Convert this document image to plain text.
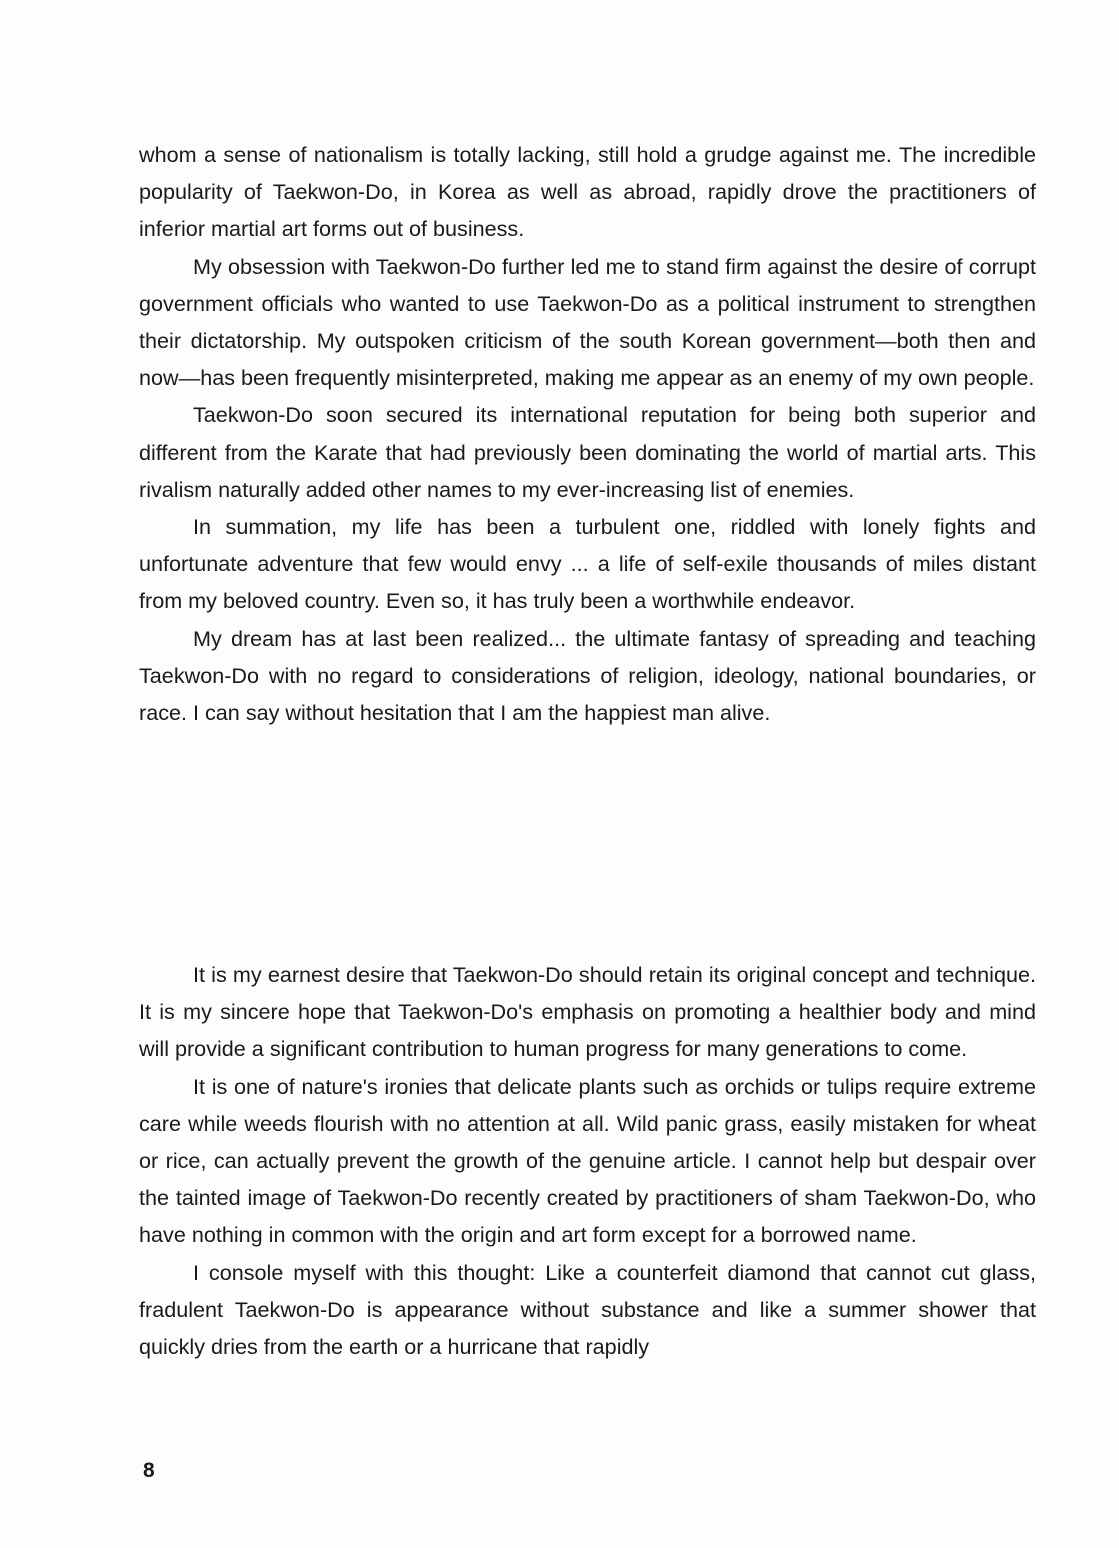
whom a sense of nationalism is totally lacking, still hold a grudge against me. The incredible popularity of Taekwon-Do, in Korea as well as abroad, rapidly drove the practitioners of inferior martial art forms out of business.

My obsession with Taekwon-Do further led me to stand firm against the desire of corrupt government officials who wanted to use Taekwon-Do as a political instrument to strengthen their dictatorship. My outspoken criticism of the south Korean government—both then and now—has been frequently misinterpreted, making me appear as an enemy of my own people.

Taekwon-Do soon secured its international reputation for being both superior and different from the Karate that had previously been dominating the world of martial arts. This rivalism naturally added other names to my ever-increasing list of enemies.

In summation, my life has been a turbulent one, riddled with lonely fights and unfortunate adventure that few would envy ... a life of self-exile thousands of miles distant from my beloved country. Even so, it has truly been a worthwhile endeavor.

My dream has at last been realized... the ultimate fantasy of spreading and teaching Taekwon-Do with no regard to considerations of religion, ideology, national boundaries, or race. I can say without hesitation that I am the happiest man alive.

It is my earnest desire that Taekwon-Do should retain its original concept and technique. It is my sincere hope that Taekwon-Do's emphasis on promoting a healthier body and mind will provide a significant contribution to human progress for many generations to come.

It is one of nature's ironies that delicate plants such as orchids or tulips require extreme care while weeds flourish with no attention at all. Wild panic grass, easily mistaken for wheat or rice, can actually prevent the growth of the genuine article. I cannot help but despair over the tainted image of Taekwon-Do recently created by practitioners of sham Taekwon-Do, who have nothing in common with the origin and art form except for a borrowed name.

I console myself with this thought: Like a counterfeit diamond that cannot cut glass, fradulent Taekwon-Do is appearance without substance and like a summer shower that quickly dries from the earth or a hurricane that rapidly

8
